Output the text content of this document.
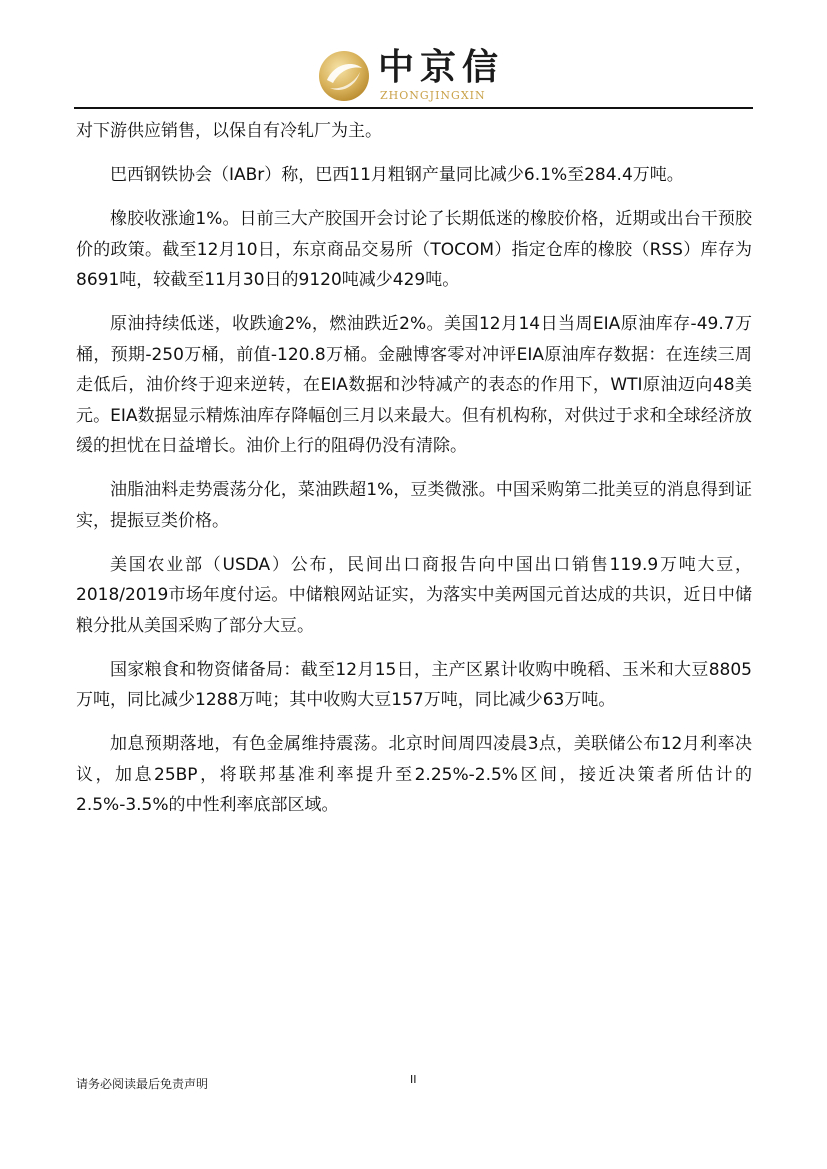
中京信
ZHONGJINGXIN

对下游供应销售，以保自有冷轧厂为主。

巴西钢铁协会（IABr）称，巴西11月粗钢产量同比减少6.1%至284.4万吨。

橡胶收涨逾1%。日前三大产胶国开会讨论了长期低迷的橡胶价格，近期或出台干预胶价的政策。截至12月10日，东京商品交易所（TOCOM）指定仓库的橡胶（RSS）库存为8691吨，较截至11月30日的9120吨减少429吨。

原油持续低迷，收跌逾2%，燃油跌近2%。美国12月14日当周EIA原油库存-49.7万桶，预期-250万桶，前值-120.8万桶。金融博客零对冲评EIA原油库存数据：在连续三周走低后，油价终于迎来逆转，在EIA数据和沙特减产的表态的作用下，WTI原油迈向48美元。EIA数据显示精炼油库存降幅创三月以来最大。但有机构称，对供过于求和全球经济放缓的担忧在日益增长。油价上行的阻碍仍没有清除。

油脂油料走势震荡分化，菜油跌超1%，豆类微涨。中国采购第二批美豆的消息得到证实，提振豆类价格。

美国农业部（USDA）公布，民间出口商报告向中国出口销售119.9万吨大豆，2018/2019市场年度付运。中储粮网站证实，为落实中美两国元首达成的共识，近日中储粮分批从美国采购了部分大豆。

国家粮食和物资储备局：截至12月15日，主产区累计收购中晚稻、玉米和大豆8805万吨，同比减少1288万吨；其中收购大豆157万吨，同比减少63万吨。

加息预期落地，有色金属维持震荡。北京时间周四凌晨3点，美联储公布12月利率决议，加息25BP，将联邦基准利率提升至2.25%-2.5%区间，接近决策者所估计的2.5%-3.5%的中性利率底部区域。

请务必阅读最后免责声明	II
